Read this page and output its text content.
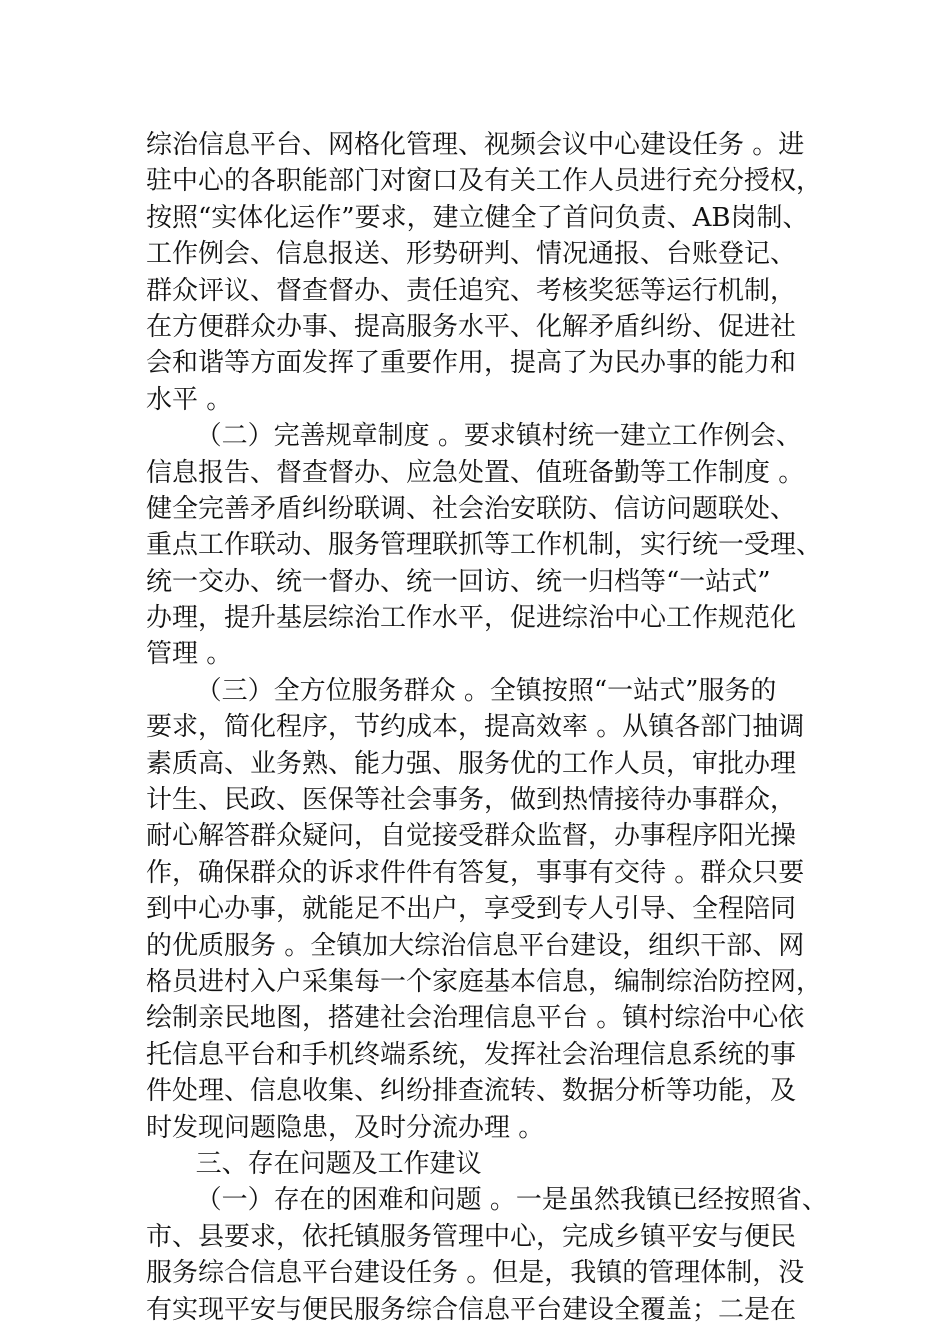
综治信息平台、网格化管理、视频会议中心建设任务 。进
驻中心的各职能部门对窗口及有关工作人员进行充分授权，
按照“实体化运作”要求，建立健全了首问负责、AB岗制、
工作例会、信息报送、形势研判、情况通报、台账登记、
群众评议、督查督办、责任追究、考核奖惩等运行机制，
在方便群众办事、提高服务水平、化解矛盾纠纷、促进社
会和谐等方面发挥了重要作用，提高了为民办事的能力和
水平 。
（二）完善规章制度 。要求镇村统一建立工作例会、
信息报告、督查督办、应急处置、值班备勤等工作制度 。
健全完善矛盾纠纷联调、社会治安联防、信访问题联处、
重点工作联动、服务管理联抓等工作机制，实行统一受理、
统一交办、统一督办、统一回访、统一归档等“一站式”
办理，提升基层综治工作水平，促进综治中心工作规范化
管理 。
（三）全方位服务群众 。全镇按照“一站式”服务的
要求，简化程序，节约成本，提高效率 。从镇各部门抽调
素质高、业务熟、能力强、服务优的工作人员，审批办理
计生、民政、医保等社会事务，做到热情接待办事群众，
耐心解答群众疑问，自觉接受群众监督，办事程序阳光操
作，确保群众的诉求件件有答复，事事有交待 。群众只要
到中心办事，就能足不出户，享受到专人引导、全程陪同
的优质服务 。全镇加大综治信息平台建设，组织干部、网
格员进村入户采集每一个家庭基本信息，编制综治防控网，
绘制亲民地图，搭建社会治理信息平台 。镇村综治中心依
托信息平台和手机终端系统，发挥社会治理信息系统的事
件处理、信息收集、纠纷排查流转、数据分析等功能，及
时发现问题隐患，及时分流办理 。
三、存在问题及工作建议
（一）存在的困难和问题 。一是虽然我镇已经按照省、
市、县要求，依托镇服务管理中心，完成乡镇平安与便民
服务综合信息平台建设任务 。但是，我镇的管理体制，没
有实现平安与便民服务综合信息平台建设全覆盖；二是在
